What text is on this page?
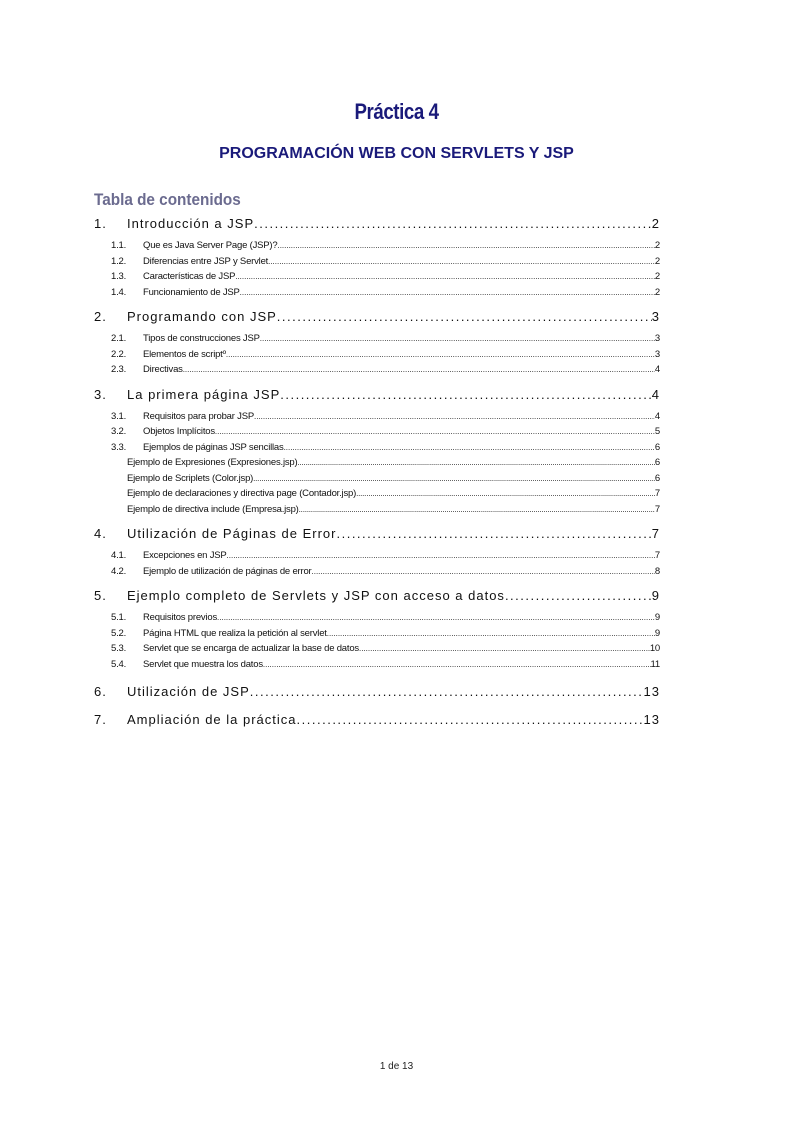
Práctica 4
PROGRAMACIÓN WEB CON SERVLETS Y JSP
Tabla de contenidos
1.	Introducción a JSP .....	2
1.1.	Que es Java Server Page (JSP)? .....	2
1.2.	Diferencias entre JSP y Servlet .....	2
1.3.	Características de JSP .....	2
1.4.	Funcionamiento de JSP .....	2
2.	Programando con JSP .....	3
2.1.	Tipos de construcciones JSP .....	3
2.2.	Elementos de scriptº .....	3
2.3.	Directivas .....	4
3.	La primera página JSP .....	4
3.1.	Requisitos para probar JSP .....	4
3.2.	Objetos Implícitos .....	5
3.3.	Ejemplos de páginas JSP sencillas .....	6
Ejemplo de Expresiones (Expresiones.jsp) .....	6
Ejemplo de Scriplets (Color.jsp) .....	6
Ejemplo de declaraciones y directiva page (Contador.jsp) .....	7
Ejemplo de directiva include (Empresa.jsp) .....	7
4.	Utilización de Páginas de Error .....	7
4.1.	Excepciones en JSP .....	7
4.2.	Ejemplo de utilización de páginas de error .....	8
5.	Ejemplo completo de Servlets y JSP con acceso a datos .....	9
5.1.	Requisitos previos .....	9
5.2.	Página HTML que realiza la petición al servlet .....	9
5.3.	Servlet que se encarga de actualizar la base de datos .....	10
5.4.	Servlet que muestra los datos .....	11
6.	Utilización de JSP .....	13
7.	Ampliación de la práctica .....	13
1 de 13
